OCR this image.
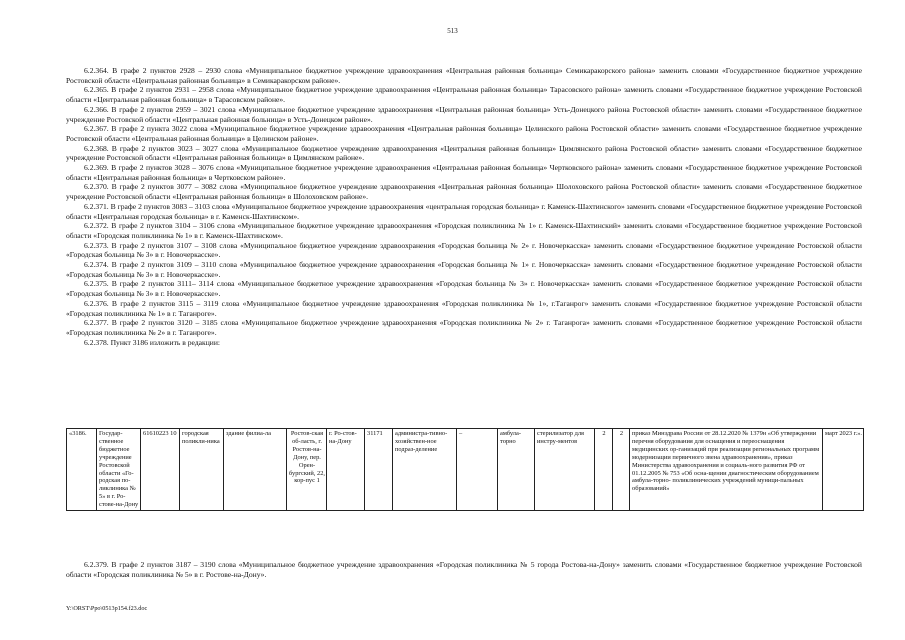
513

6.2.364. В графе 2 пунктов 2928 – 2930 слова «Муниципальное бюджетное учреждение здравоохранения «Центральная районная больница» Семикаракорского района» заменить словами «Государственное бюджетное учреждение Ростовской области «Центральная районная больница» в Семикаракорском районе».

6.2.365. В графе 2 пунктов 2931 – 2958 слова «Муниципальное бюджетное учреждение здравоохранения «Центральная районная больница» Тарасовского района» заменить словами «Государственное бюджетное учреждение Ростовской области «Центральная районная больница» в Тарасовском районе».

6.2.366. В графе 2 пунктов 2959 – 3021 слова «Муниципальное бюджетное учреждение здравоохранения «Центральная районная больница» Усть-Донецкого района Ростовской области» заменить словами «Государственное бюджетное учреждение Ростовской области «Центральная районная больница» в Усть-Донецком районе».

6.2.367. В графе 2 пункта 3022 слова «Муниципальное бюджетное учреждение здравоохранения «Центральная районная больница» Целинского района Ростовской области» заменить словами «Государственное бюджетное учреждение Ростовской области «Центральная районная больница» в Целинском районе».

6.2.368. В графе 2 пунктов 3023 – 3027 слова «Муниципальное бюджетное учреждение здравоохранения «Центральная районная больница» Цимлянского района Ростовской области» заменить словами «Государственное бюджетное учреждение Ростовской области «Центральная районная больница» в Цимлянском районе».

6.2.369. В графе 2 пунктов 3028 – 3076 слова «Муниципальное бюджетное учреждение здравоохранения «Центральная районная больница» Чертковского района» заменить словами «Государственное бюджетное учреждение Ростовской области «Центральная районная больница» в Чертковском районе».

6.2.370. В графе 2 пунктов 3077 – 3082 слова «Муниципальное бюджетное учреждение здравоохранения «Центральная районная больница» Шолоховского района Ростовской области» заменить словами «Государственное бюджетное учреждение Ростовской области «Центральная районная больница» в Шолоховском районе».

6.2.371. В графе 2 пунктов 3083 – 3103 слова «Муниципальное бюджетное учреждение здравоохранения «центральная городская больница» г. Каменск-Шахтинского» заменить словами «Государственное бюджетное учреждение Ростовской области «Центральная городская больница» в г. Каменск-Шахтинском».

6.2.372. В графе 2 пунктов 3104 – 3106 слова «Муниципальное бюджетное учреждение здравоохранения «Городская поликлиника № 1» г. Каменск-Шахтинский» заменить словами «Государственное бюджетное учреждение Ростовской области «Городская поликлиника № 1» в г. Каменск-Шахтинском».

6.2.373. В графе 2 пунктов 3107 – 3108 слова «Муниципальное бюджетное учреждение здравоохранения «Городская больница № 2» г. Новочеркасска» заменить словами «Государственное бюджетное учреждение Ростовской области «Городская больница № 3» в г. Новочеркасске».

6.2.374. В графе 2 пунктов 3109 – 3110 слова «Муниципальное бюджетное учреждение здравоохранения «Городская больница № 1» г. Новочеркасска» заменить словами «Государственное бюджетное учреждение Ростовской области «Городская больница № 3» в г. Новочеркасске».

6.2.375. В графе 2 пунктов 3111– 3114 слова «Муниципальное бюджетное учреждение здравоохранения «Городская больница № 3» г. Новочеркасска» заменить словами «Государственное бюджетное учреждение Ростовской области «Городская больница № 3» в г. Новочеркасске».

6.2.376. В графе 2 пунктов 3115 – 3119 слова «Муниципальное бюджетное учреждение здравоохранения «Городская поликлиника № 1», г.Таганрог» заменить словами «Государственное бюджетное учреждение Ростовской области «Городская поликлиника № 1» в г. Таганроге».

6.2.377. В графе 2 пунктов 3120 – 3185 слова «Муниципальное бюджетное учреждение здравоохранения «Городская поликлиника № 2» г. Таганрога» заменить словами «Государственное бюджетное учреждение Ростовской области «Городская поликлиника № 2» в г. Таганроге».

6.2.378. Пункт 3186 изложить в редакции:

«3186.	Государ-ственное бюджетное учреждение Ростовской области «Го-родская по-ликлиника № 5» в г. Ро-стове-на-Дону	61610223 10	городская поликли-ника	здание филиа-ла	Ростов-ская об-ласть, г. Ростов-на-Дону, пер. Орен-бургский, 22, кор-пус 1	г. Ро-стов-на-Дону	31171	администра-тивно-хозяйствен-ное подраз-деление	–	амбула-торно	стерилизатор для инстру-ментов	2	2	приказ Минздрава России от 28.12.2020 № 1379н «Об утверждении перечня оборудования для оснащения и переоснащения медицинских ор-ганизаций при реализации региональных программ модернизации первичного звена здравоохранения», приказ Министерства здравоохранения и социаль-ного развития РФ от 01.12.2005 № 753 «Об осна-щении диагностическим оборудованием амбула-торно- поликлинических учреждений муници-пальных образований»	март 2023 г.».

6.2.379. В графе 2 пунктов 3187 – 3190 слова «Муниципальное бюджетное учреждение здравоохранения «Городская поликлиника № 5 города Ростова-на-Дону» заменить словами «Государственное бюджетное учреждение Ростовской области «Городская поликлиника № 5» в г. Ростове-на-Дону».

Y:\ORST\Ppo\0513p154.f23.doc
